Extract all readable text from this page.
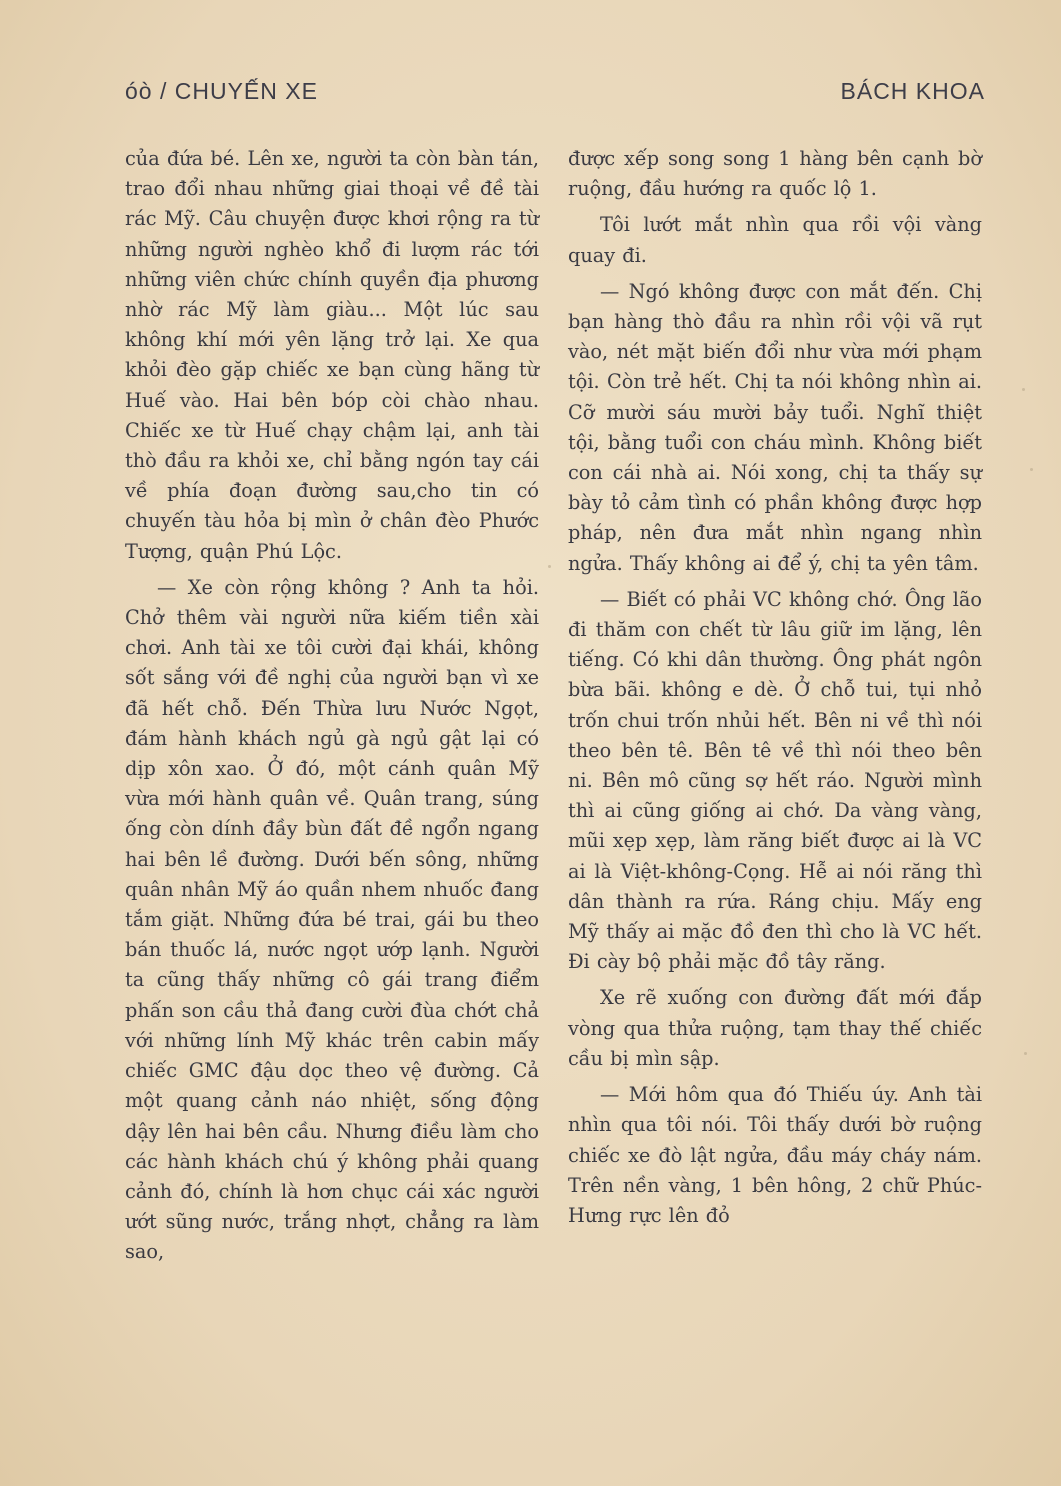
óò / CHUYẾN XE	BÁCH KHOA

của đứa bé. Lên xe, người ta còn bàn tán, trao đổi nhau những giai thoại về đề tài rác Mỹ. Câu chuyện được khơi rộng ra từ những người nghèo khổ đi lượm rác tới những viên chức chính quyền địa phương nhờ rác Mỹ làm giàu... Một lúc sau không khí mới yên lặng trở lại. Xe qua khỏi đèo gặp chiếc xe bạn cùng hãng từ Huế vào. Hai bên bóp còi chào nhau. Chiếc xe từ Huế chạy chậm lại, anh tài thò đầu ra khỏi xe, chỉ bằng ngón tay cái về phía đoạn đường sau,cho tin có chuyến tàu hỏa bị mìn ở chân đèo Phước Tượng, quận Phú Lộc.

— Xe còn rộng không ? Anh ta hỏi. Chở thêm vài người nữa kiếm tiền xài chơi. Anh tài xe tôi cười đại khái, không sốt sắng với đề nghị của người bạn vì xe đã hết chỗ. Đến Thừa lưu Nước Ngọt, đám hành khách ngủ gà ngủ gật lại có dịp xôn xao. Ở đó, một cánh quân Mỹ vừa mới hành quân về. Quân trang, súng ống còn dính đầy bùn đất đề ngổn ngang hai bên lề đường. Dưới bến sông, những quân nhân Mỹ áo quần nhem nhuốc đang tắm giặt. Những đứa bé trai, gái bu theo bán thuốc lá, nước ngọt ướp lạnh. Người ta cũng thấy những cô gái trang điểm phấn son cầu thả đang cười đùa chớt chả với những lính Mỹ khác trên cabin mấy chiếc GMC đậu dọc theo vệ đường. Cả một quang cảnh náo nhiệt, sống động dậy lên hai bên cầu. Nhưng điều làm cho các hành khách chú ý không phải quang cảnh đó, chính là hơn chục cái xác người ướt sũng nước, trắng nhợt, chẳng ra làm sao,

được xếp song song 1 hàng bên cạnh bờ ruộng, đầu hướng ra quốc lộ 1.

Tôi lướt mắt nhìn qua rồi vội vàng quay đi.

— Ngó không được con mắt đến. Chị bạn hàng thò đầu ra nhìn rồi vội vã rụt vào, nét mặt biến đổi như vừa mới phạm tội. Còn trẻ hết. Chị ta nói không nhìn ai. Cỡ mười sáu mười bảy tuổi. Nghĩ thiệt tội, bằng tuổi con cháu mình. Không biết con cái nhà ai. Nói xong, chị ta thấy sự bày tỏ cảm tình có phần không được hợp pháp, nên đưa mắt nhìn ngang nhìn ngửa. Thấy không ai để ý, chị ta yên tâm.

— Biết có phải VC không chớ. Ông lão đi thăm con chết từ lâu giữ im lặng, lên tiếng. Có khi dân thường. Ông phát ngôn bừa bãi. không e dè. Ở chỗ tui, tụi nhỏ trốn chui trốn nhủi hết. Bên ni về thì nói theo bên tê. Bên tê về thì nói theo bên ni. Bên mô cũng sợ hết ráo. Người mình thì ai cũng giống ai chớ. Da vàng vàng, mũi xẹp xẹp, làm răng biết được ai là VC ai là Việt-không-Cọng. Hễ ai nói răng thì dân thành ra rứa. Ráng chịu. Mấy eng Mỹ thấy ai mặc đồ đen thì cho là VC hết. Đi cày bộ phải mặc đồ tây răng.

Xe rẽ xuống con đường đất mới đắp vòng qua thửa ruộng, tạm thay thế chiếc cầu bị mìn sập.

— Mới hôm qua đó Thiếu úy. Anh tài nhìn qua tôi nói. Tôi thấy dưới bờ ruộng chiếc xe đò lật ngửa, đầu máy cháy nám. Trên nền vàng, 1 bên hông, 2 chữ Phúc-Hưng rực lên đỏ
